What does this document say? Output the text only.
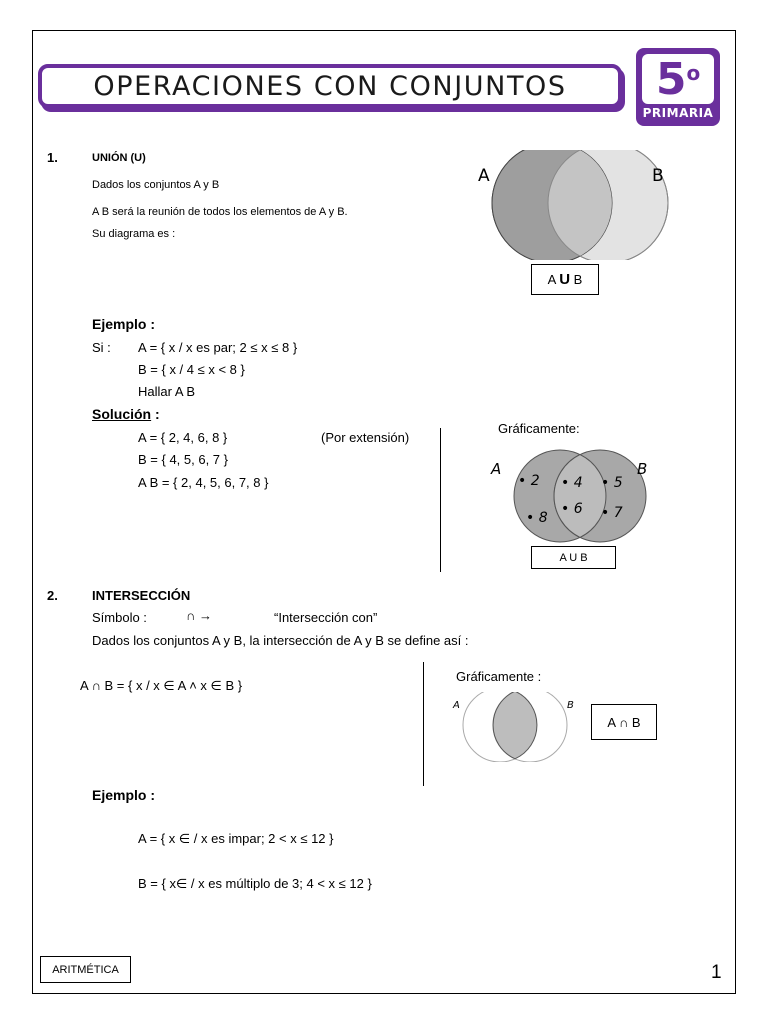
OPERACIONES CON CONJUNTOS	5$^o$
PRIMARIA
1.	UNIÓN (U)
Dados los conjuntos A y B
A B será la reunión de todos los elementos de A y B.
Su diagrama es :
A	B
A U B
Ejemplo :
Si : A = { x / x es par; 2 ≤ x ≤ 8 }
B = { x / 4 ≤ x < 8 }
Hallar A B
Solución :
A = { 2, 4, 6, 8 }	(Por extensión)
B = { 4, 5, 6, 7 }
A B = { 2, 4, 5, 6, 7, 8 }
Gráficamente:
A	B
• 2
• 8
• 4
• 6
• 5
• 7
A U B
2.	INTERSECCIÓN
Símbolo :	∩ →	“Intersección con”
Dados los conjuntos A y B, la intersección de A y B se define así :
A ∩ B = { x / x ∈ A ˄ x ∈ B }
Gráficamente :
A	B
A ∩ B
Ejemplo :
A = { x ∈ / x es impar; 2 < x ≤ 12 }
B = { x∈ / x es múltiplo de 3; 4 < x ≤ 12 }
ARITMÉTICA	1
